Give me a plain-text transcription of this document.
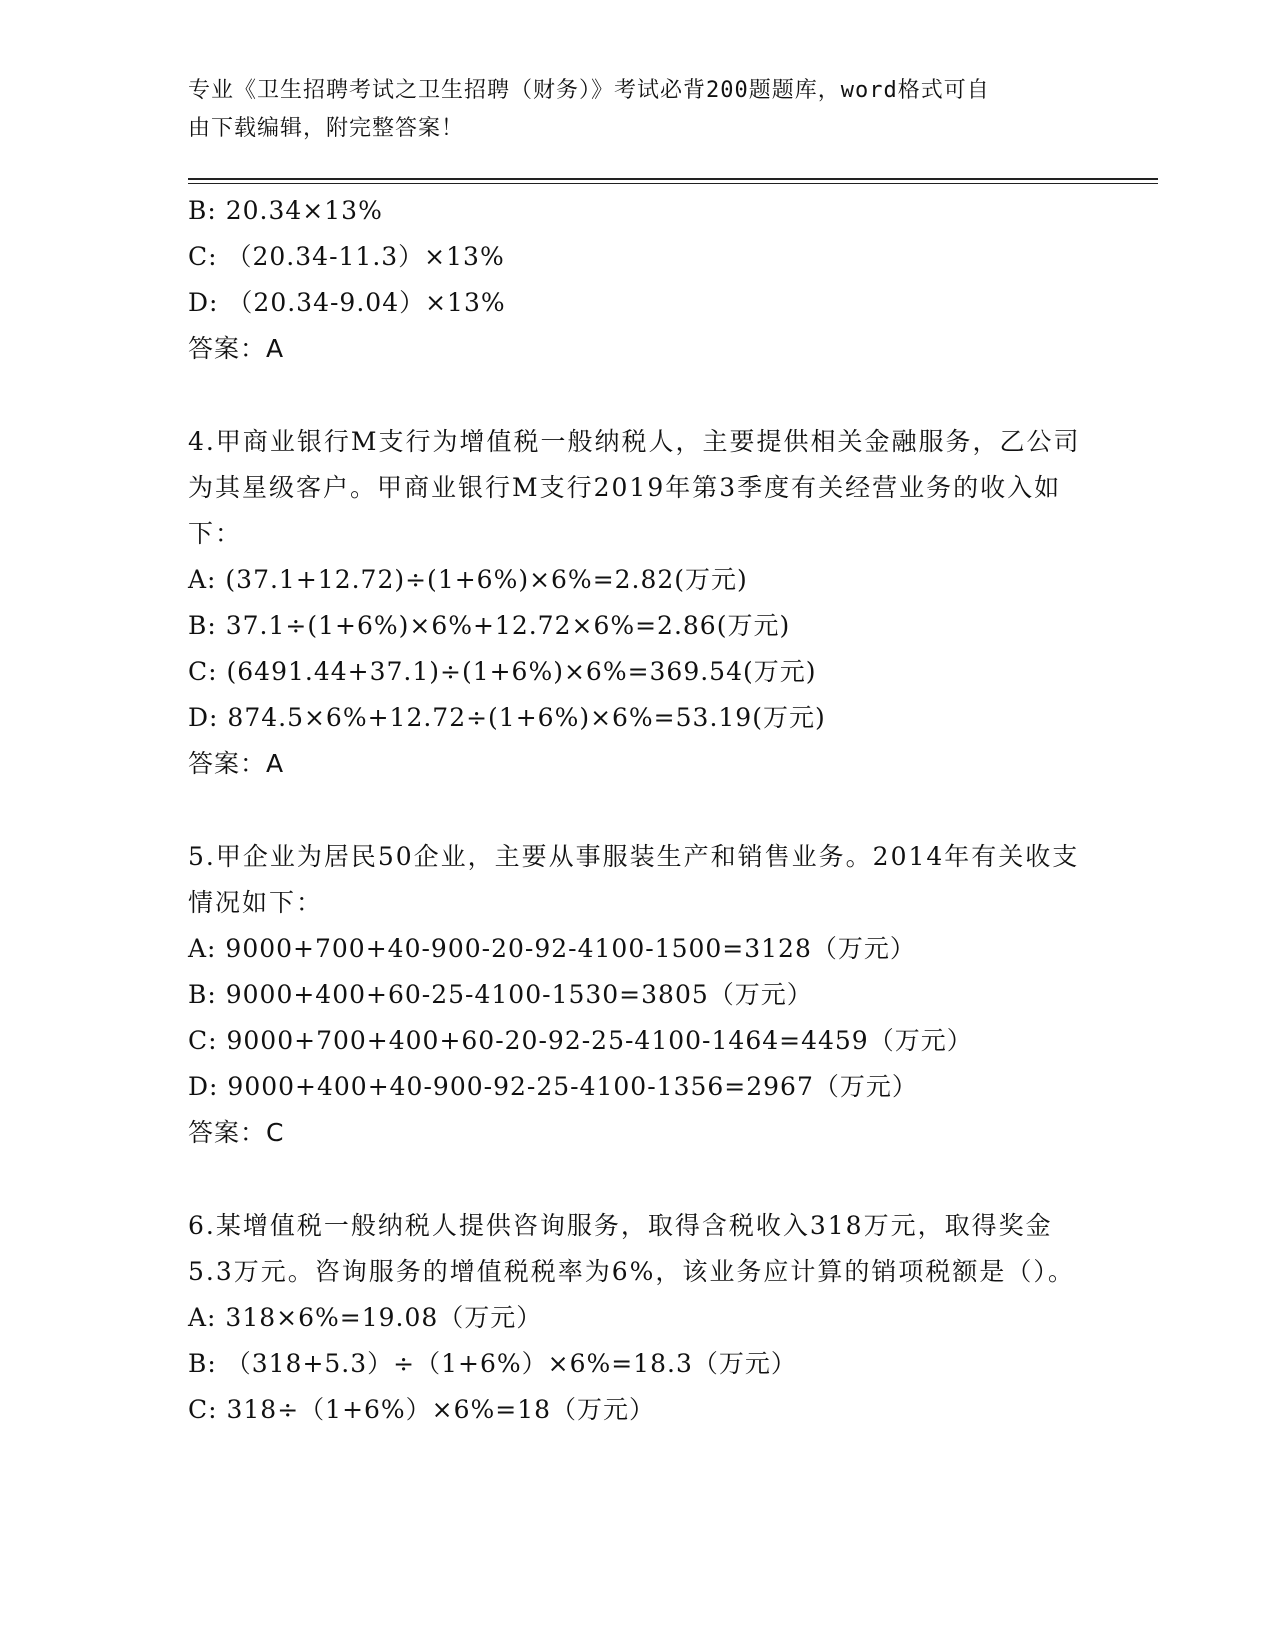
专业《卫生招聘考试之卫生招聘（财务）》考试必背200题题库，word格式可自
由下载编辑，附完整答案！
B: 20.34×13%
C: （20.34-11.3）×13%
D: （20.34-9.04）×13%
答案：A
4.甲商业银行M支行为增值税一般纳税人，主要提供相关金融服务，乙公司为其星级客户。甲商业银行M支行2019年第3季度有关经营业务的收入如下：
A: (37.1+12.72)÷(1+6%)×6%=2.82(万元)
B: 37.1÷(1+6%)×6%+12.72×6%=2.86(万元)
C: (6491.44+37.1)÷(1+6%)×6%=369.54(万元)
D: 874.5×6%+12.72÷(1+6%)×6%=53.19(万元)
答案：A
5.甲企业为居民50企业，主要从事服装生产和销售业务。2014年有关收支情况如下：
A: 9000+700+40-900-20-92-4100-1500=3128（万元）
B: 9000+400+60-25-4100-1530=3805（万元）
C: 9000+700+400+60-20-92-25-4100-1464=4459（万元）
D: 9000+400+40-900-92-25-4100-1356=2967（万元）
答案：C
6.某增值税一般纳税人提供咨询服务，取得含税收入318万元，取得奖金5.3万元。咨询服务的增值税税率为6%，该业务应计算的销项税额是（）。
A: 318×6%=19.08（万元）
B: （318+5.3）÷（1+6%）×6%=18.3（万元）
C: 318÷（1+6%）×6%=18（万元）
